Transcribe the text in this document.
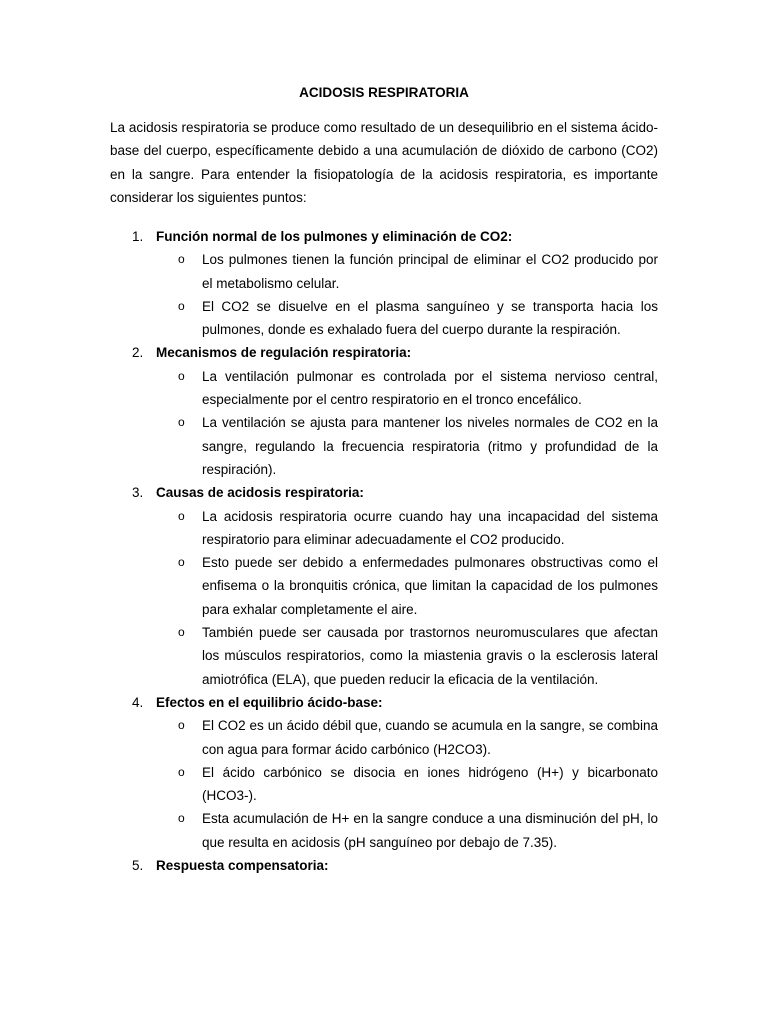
ACIDOSIS RESPIRATORIA

La acidosis respiratoria se produce como resultado de un desequilibrio en el sistema ácido-base del cuerpo, específicamente debido a una acumulación de dióxido de carbono (CO2) en la sangre. Para entender la fisiopatología de la acidosis respiratoria, es importante considerar los siguientes puntos:

1. Función normal de los pulmones y eliminación de CO2:
o Los pulmones tienen la función principal de eliminar el CO2 producido por el metabolismo celular.
o El CO2 se disuelve en el plasma sanguíneo y se transporta hacia los pulmones, donde es exhalado fuera del cuerpo durante la respiración.
2. Mecanismos de regulación respiratoria:
o La ventilación pulmonar es controlada por el sistema nervioso central, especialmente por el centro respiratorio en el tronco encefálico.
o La ventilación se ajusta para mantener los niveles normales de CO2 en la sangre, regulando la frecuencia respiratoria (ritmo y profundidad de la respiración).
3. Causas de acidosis respiratoria:
o La acidosis respiratoria ocurre cuando hay una incapacidad del sistema respiratorio para eliminar adecuadamente el CO2 producido.
o Esto puede ser debido a enfermedades pulmonares obstructivas como el enfisema o la bronquitis crónica, que limitan la capacidad de los pulmones para exhalar completamente el aire.
o También puede ser causada por trastornos neuromusculares que afectan los músculos respiratorios, como la miastenia gravis o la esclerosis lateral amiotrófica (ELA), que pueden reducir la eficacia de la ventilación.
4. Efectos en el equilibrio ácido-base:
o El CO2 es un ácido débil que, cuando se acumula en la sangre, se combina con agua para formar ácido carbónico (H2CO3).
o El ácido carbónico se disocia en iones hidrógeno (H+) y bicarbonato (HCO3-).
o Esta acumulación de H+ en la sangre conduce a una disminución del pH, lo que resulta en acidosis (pH sanguíneo por debajo de 7.35).
5. Respuesta compensatoria:
